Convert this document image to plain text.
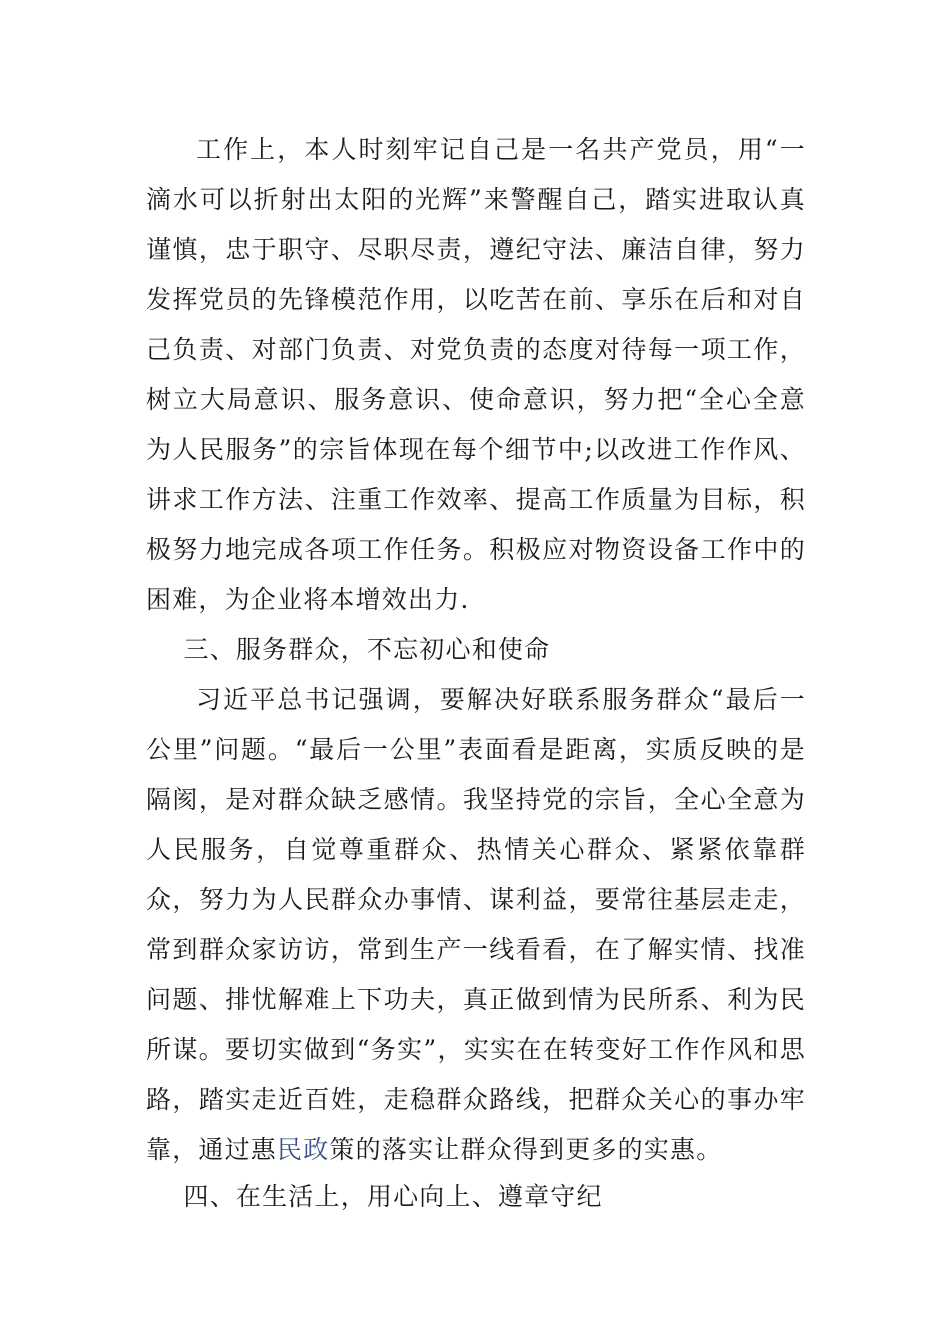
工作上，本人时刻牢记自己是一名共产党员，用“一滴水可以折射出太阳的光辉”来警醒自己，踏实进取认真谨慎，忠于职守、尽职尽责，遵纪守法、廉洁自律，努力发挥党员的先锋模范作用，以吃苦在前、享乐在后和对自己负责、对部门负责、对党负责的态度对待每一项工作，树立大局意识、服务意识、使命意识，努力把“全心全意为人民服务”的宗旨体现在每个细节中;以改进工作作风、讲求工作方法、注重工作效率、提高工作质量为目标，积极努力地完成各项工作任务。积极应对物资设备工作中的困难，为企业将本增效出力.

三、服务群众，不忘初心和使命

习近平总书记强调，要解决好联系服务群众“最后一公里”问题。“最后一公里”表面看是距离，实质反映的是隔阂，是对群众缺乏感情。我坚持党的宗旨，全心全意为人民服务，自觉尊重群众、热情关心群众、紧紧依靠群众，努力为人民群众办事情、谋利益，要常往基层走走，常到群众家访访，常到生产一线看看，在了解实情、找准问题、排忧解难上下功夫，真正做到情为民所系、利为民所谋。要切实做到“务实”，实实在在转变好工作作风和思路，踏实走近百姓，走稳群众路线，把群众关心的事办牢靠，通过惠民政策的落实让群众得到更多的实惠。

四、在生活上，用心向上、遵章守纪
